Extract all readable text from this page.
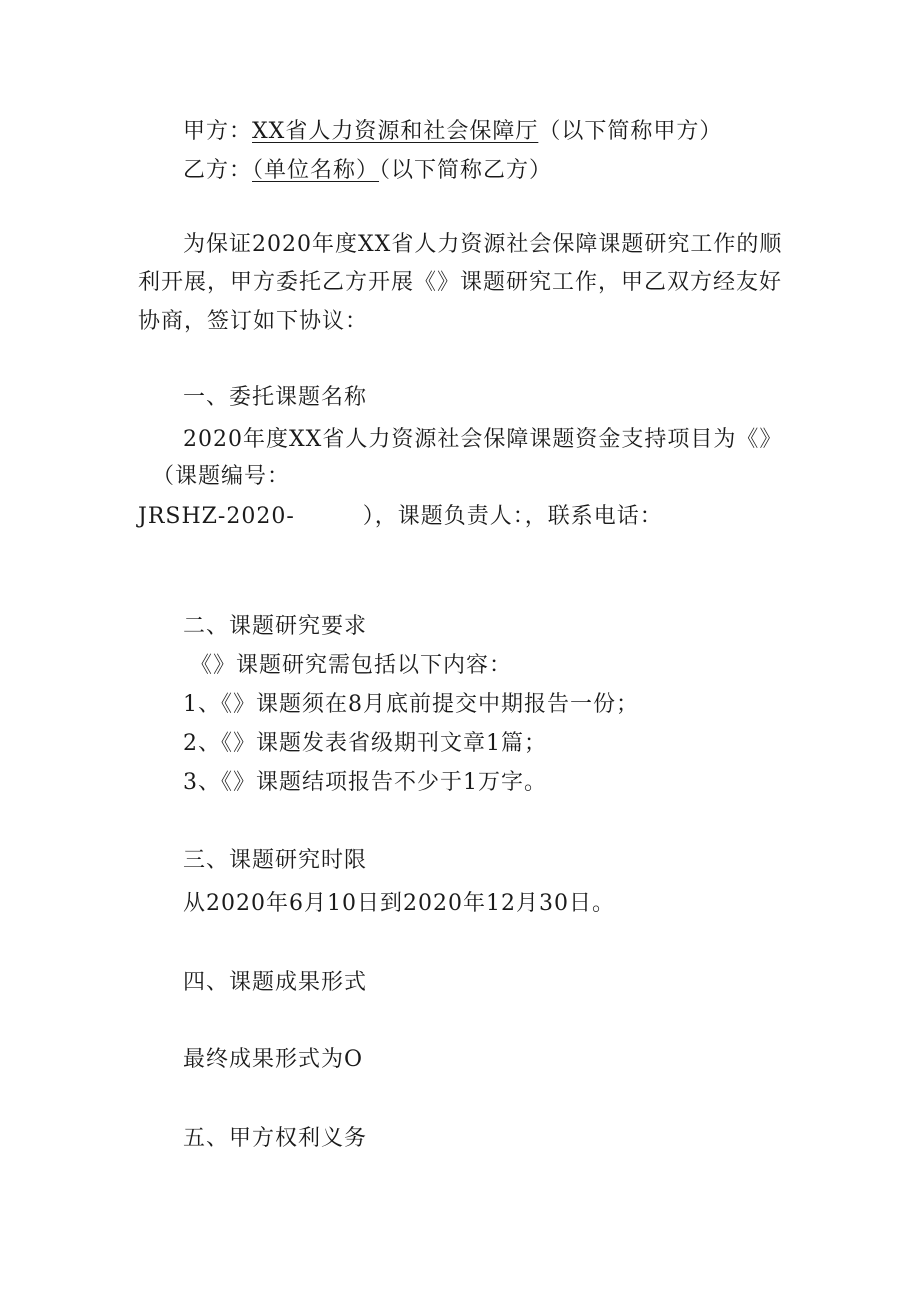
甲方：XX省人力资源和社会保障厅（以下简称甲方）
乙方：（单位名称）（以下简称乙方）
为保证2020年度XX省人力资源社会保障课题研究工作的顺
利开展，甲方委托乙方开展《》课题研究工作，甲乙双方经友好
协商，签订如下协议：
一、委托课题名称
2020年度XX省人力资源社会保障课题资金支持项目为《》
（课题编号：
JRSHZ-2020-	），课题负责人：，联系电话：
二、课题研究要求
《》课题研究需包括以下内容：
1、《》课题须在8月底前提交中期报告一份；
2、《》课题发表省级期刊文章1篇；
3、《》课题结项报告不少于1万字。
三、课题研究时限
从2020年6月10日到2020年12月30日。
四、课题成果形式
最终成果形式为O
五、甲方权利义务
